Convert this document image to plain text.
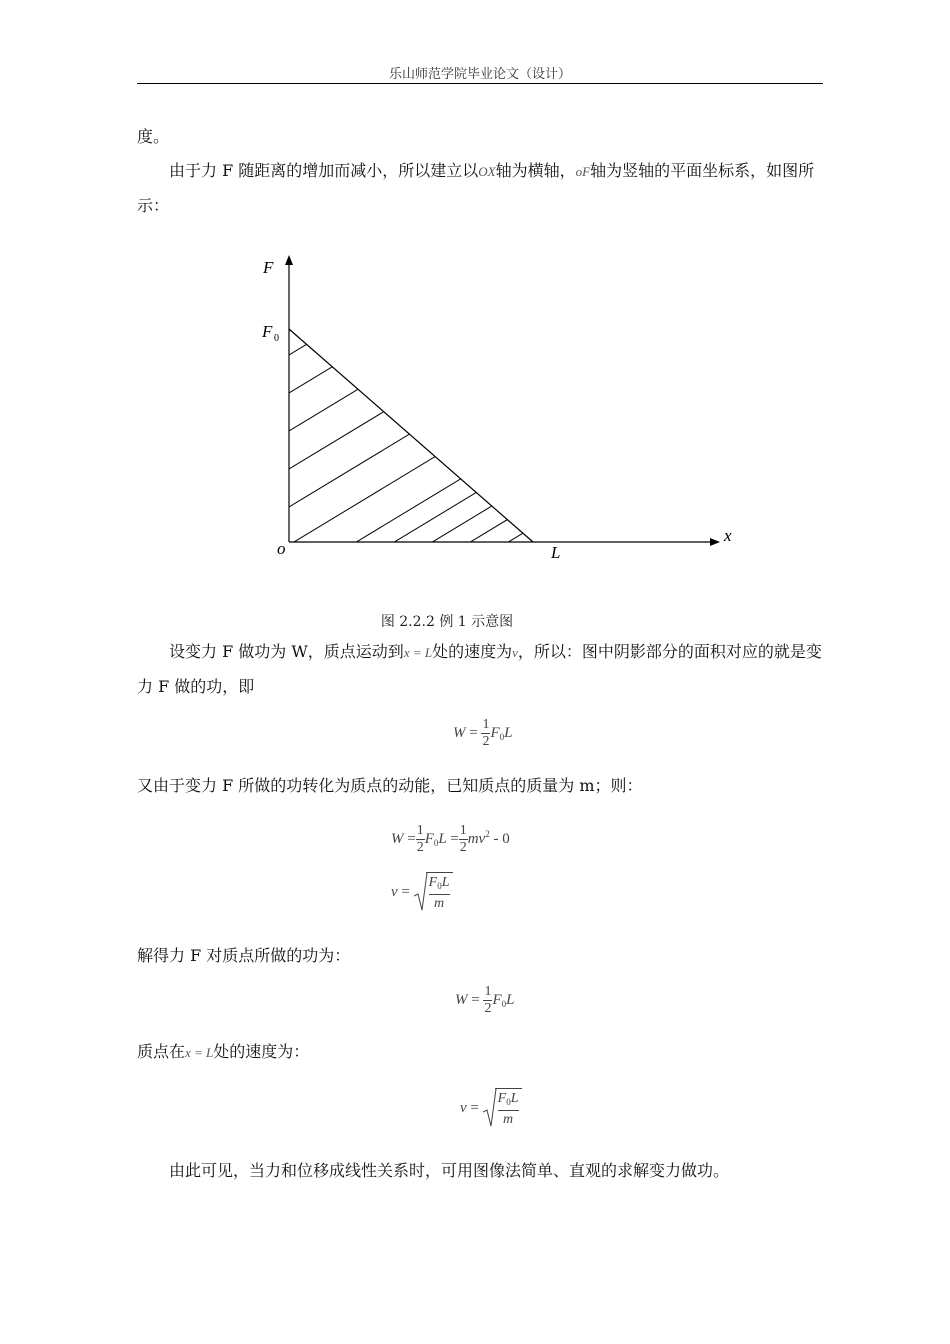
乐山师范学院毕业论文（设计）

度。

由于力 F 随距离的增加而减小，所以建立以OX轴为横轴，oF轴为竖轴的平面坐标系，如图所示：

F
F 0
x
o	L
图 2.2.2 例 1 示意图

设变力 F 做功为 W，质点运动到x = L处的速度为v，所以：图中阴影部分的面积对应的就是变力 F 做的功，即

$W = \frac{1}{2} F_0L$

又由于变力 F 所做的功转化为质点的动能，已知质点的质量为 m；则：

$W = \frac{1}{2} F_0L = \frac{1}{2} mv^2 - 0$
$v = \frac{F_0L}{m}$

解得力 F 对质点所做的功为：

$W = \frac{1}{2} F_0L$

质点在x = L处的速度为：

$v = \frac{F_0L}{m}$

由此可见，当力和位移成线性关系时，可用图像法简单、直观的求解变力做功。
